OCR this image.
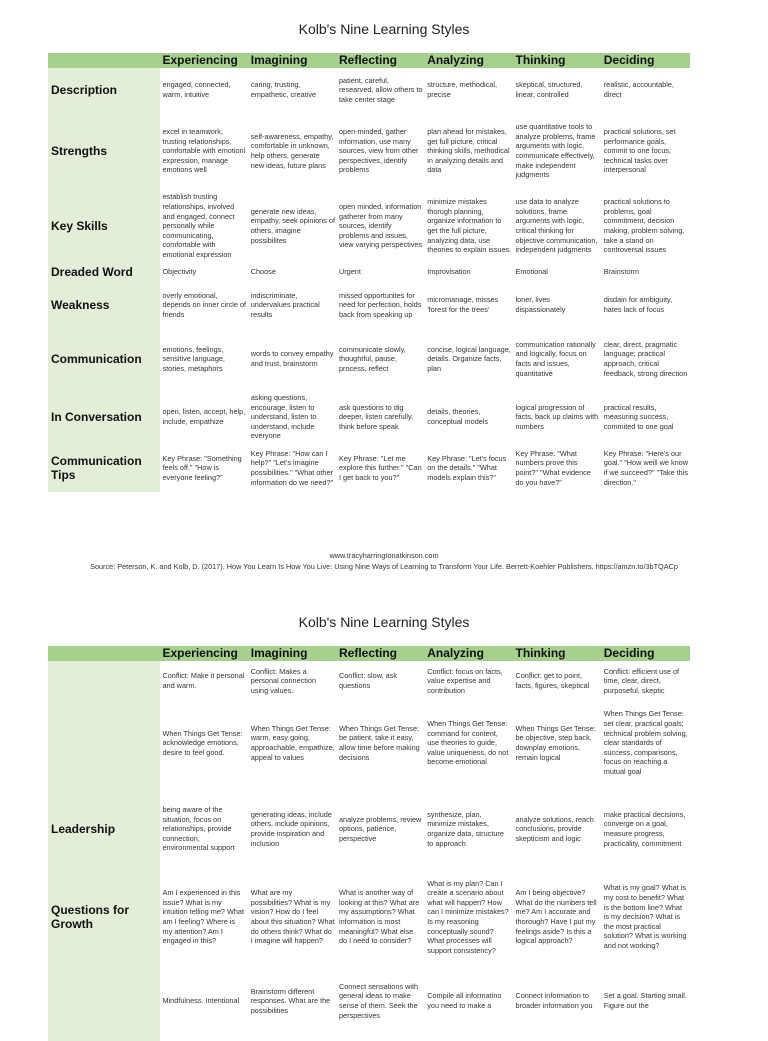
Kolb's Nine Learning Styles
	Experiencing	Imagining	Reflecting	Analyzing	Thinking	Deciding
Description	engaged, connected, warm, intuitive	caring, trusting, empathetic, creative	patient, careful, researved, allow others to take center stage	structure, methodical, precise	skeptical, structured, linear, controlled	realistic, accountable, direct
Strengths	excel in teamwork, trusting relationships, comfortable with emotionl expression, manage emotions well	self-awareness, empathy, comfortable in unknown, help others, generate new ideas, future plans	open-minded, gather information, use many sources, view from other perspectives, identify problems	plan ahead for mistakes, get full picture, critical thinking skills, methodical in analyzing details and data	use quantitative tools to analyze problems, frame arguments with logic, communicate effectively, make independent judgments	practical solutions, set performance goals, commit to one focus, technical tasks over interpersonal
Key Skills	establish trusting relationships, involved and engaged, connect personally while communicating, comfortable with emotional expression	generate new ideas, empathy, seek opinions of others, imagine possibilites	open minded, information gatherer from many sources, identify problems and issues, view varying perspectives	minimize mistakes thorugh planning, organize information to get the full picture, analyzing data, use theories to explain issues.	use data to analyze solutions, frame arguments with logic, critical thinking for objective communication, independent judgments	practical solutions to problems, goal commitment, decision making, problem solving, take a stand on controversal issues
Dreaded Word	Objectivity	Choose	Urgent	Improvisation	Emotional	Brainstorm
Weakness	overly emotional, depends on inner circle of friends	indiscriminate, undervalues practical results	missed opportunites for need for perfection, holds back from speaking up	micromanage, misses 'forest for the trees'	loner, lives dispassionately	disdain for ambiguity, hates lack of focus
Communication	emotions, feelings, sensitive language, stories, metaphors	words to convey empathy and trust, brainstorm	communicate slowly, thoughtful, pause, process, reflect	concise, logical language, details. Organize facts, plan	communication rationally and logically, focus on facts and issues, quantitative	clear, direct, pragmatic language; practical approach, critical feedback, strong direction
In Conversation	open, listen, accept, help, include, empathize	asking questions, encourage, listen to understand, listen to understand, include everyone	ask questions to dig deeper, listen carefully, think before speak	details, theories, conceptual models	logical progression of facts, back up claims with numbers	practical results, measuring success, commited to one goal
Communication Tips	Key Phrase: "Something feels off." "How is everyone feeling?"	Key Phrase: "How can I help?" "Let's imagine possibilities." "What other information do we need?"	Key Phrase: "Let me explore this further." "Can I get back to you?"	Key Phrase: "Let's focus on the details." "What models explain this?"	Key Phrase: "What numbers prove this point?" "What evidence do you have?"	Key Phrase: "Here's our goal." "How weill we know if we succeed?" "Take this direction."
www.tracyharringtonatkinson.com
Source: Peterson, K. and Kolb, D. (2017). How You Learn Is How You Live: Using Nine Ways of Learning to Transform Your Life. Berrett-Koehler Publishers. https://amzn.to/3bTQACp
Kolb's Nine Learning Styles
	Experiencing	Imagining	Reflecting	Analyzing	Thinking	Deciding
	Conflict: Make it personal and warm.	Conflict: Makes a personal connection using values.	Conflict: slow, ask questions	Conflict: focus on facts, value expertise and contribution	Conflict: get to point, facts, figures, skeptical	Conflict: efficient use of time, clear, direct, purposeful, skeptic
	When Things Get Tense: acknowledge emotions, desire to feel good.	When Things Get Tense: warm, easy going, approachable, empathize, appeal to values	When Things Get Tense: be patient, take it easy, allow time before making decisions	When Things Get Tense: command for content, use theories to guide, value uniqueness, do not become emotional	When Things Get Tense: be objective, step back, downplay emotions, remain logical	When Things Get Tense: set clear, practical goals; technical problem solving, clear standards of success, comparisons, focus on reaching a mutual goal
Leadership	being aware of the situation, focus on relationships, provide connection, environmental support	generating ideas, include others, include opinions, provide inspiration and inclusion	analyze problems, review options, patience, perspective	synthesize, plan, minimize mistakes, organize data, structure to approach	analyze solutions, reach conclusions, provide skepticism and logic	make practical decisions, converge on a goal, measure progress, practicality, commitment
Questions for Growth	Am I experienced in this issue? What is my intuition telling me? What am I feeling? Where is my attention? Am I engaged in this?	What are my possibilities? What is my vision? How do I feel about this situation? What do others think? What do I imagine will happen?	What is another way of looking at this? What are my assumptions? What information is most meaningful? What else do I need to consider?	What is my plan? Can I create a scenario about what will happen? How can I minimize mistakes? Is my reasoning conceptually sound? What processes will support consistency?	Am I being objective? What do the numbers tell me? Am I accurate and thorough? Have I put my feelings aside? Is this a logical approach?	What is my goal? What is my cost to benefit? What is the bottom line? What is my decision? What is the most practical solution? What is working and not working?
	Mindfulness. Intentional	Brainstorm different responses. What are the possibilities	Connect sensations with general ideas to make sense of them. Seek the perspectives	Compile all informatino you need to make a	Connect information to broader information you	Set a goal. Starting small. Figure out the
